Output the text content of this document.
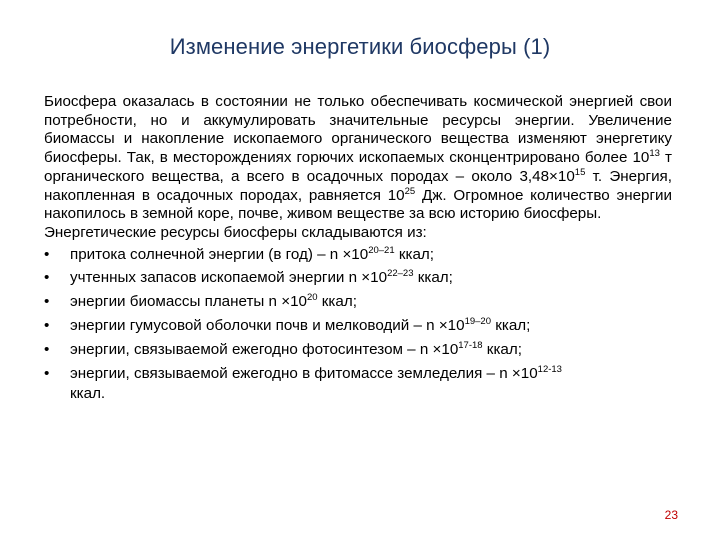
Изменение энергетики биосферы (1)

Биосфера оказалась в состоянии не только обеспечивать космической энергией свои потребности, но и аккумулировать значительные ресурсы энергии. Увеличение биомассы и накопление ископаемого органического вещества изменяют энергетику биосферы. Так, в месторождениях горючих ископаемых сконцентрировано более $10^{13}$ т органического вещества, а всего в осадочных породах – около $3,48\times 10^{15}$ т. Энергия, накопленная в осадочных породах, равняется $10^{25}$ Дж. Огромное количество энергии накопилось в земной коре, почве, живом веществе за всю историю биосферы.

Энергетические ресурсы биосферы складываются из:

• притока солнечной энергии (в $год) - n \times 10^{20-21}$ ккал;
• учтенных запасов ископаемой энергии $n \times 10^{22-23}$ ккал;
• энергии биомассы планеты $n \times 10^{20}$ ккал;
• энергии гумусовой оболочки почв и мелководий – $n \times 10^{19-20}$ ккал;
• энергии, связываемой ежегодно фотосинтезом – $n \times 10^{17-18}$ ккал;
• энергии, связываемой ежегодно в фитомассе земледелия – $n \times 10^{12-13}$
ккал.
23
